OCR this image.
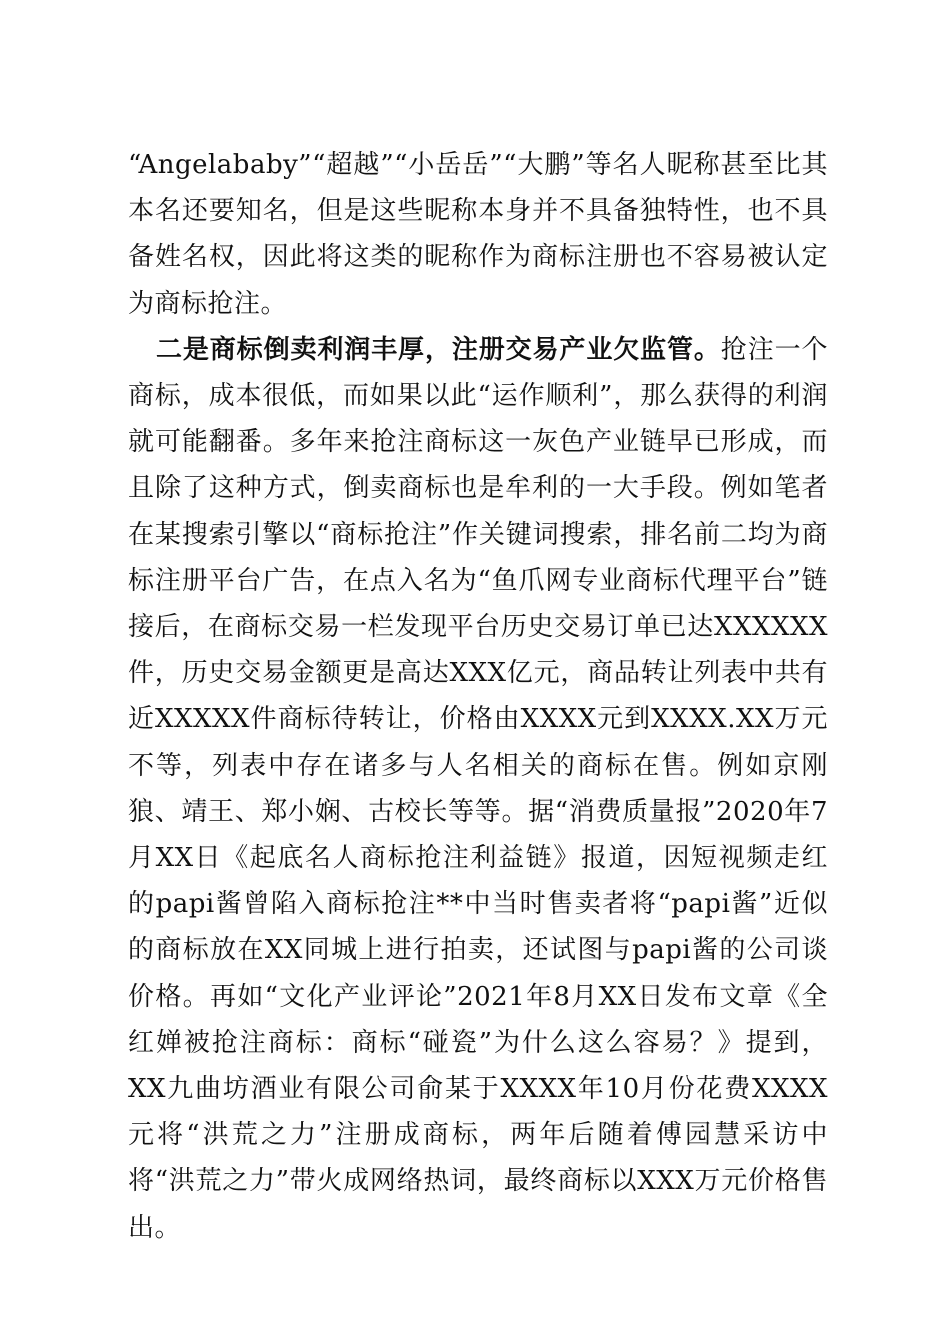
“Angelababy”“超越”“小岳岳”“大鹏”等名人昵称甚至比其本名还要知名，但是这些昵称本身并不具备独特性，也不具备姓名权，因此将这类的昵称作为商标注册也不容易被认定为商标抢注。

二是商标倒卖利润丰厚，注册交易产业欠监管。抢注一个商标，成本很低，而如果以此“运作顺利”，那么获得的利润就可能翻番。多年来抢注商标这一灰色产业链早已形成，而且除了这种方式，倒卖商标也是牟利的一大手段。例如笔者在某搜索引擎以“商标抢注”作关键词搜索，排名前二均为商标注册平台广告，在点入名为“鱼爪网专业商标代理平台”链接后，在商标交易一栏发现平台历史交易订单已达XXXXXX件，历史交易金额更是高达XXX亿元，商品转让列表中共有近XXXXX件商标待转让，价格由XXXX元到XXXX.XX万元不等，列表中存在诸多与人名相关的商标在售。例如京刚狼、靖王、郑小娴、古校长等等。据“消费质量报”2020年7月XX日《起底名人商标抢注利益链》报道，因短视频走红的papi酱曾陷入商标抢注**中当时售卖者将“papi酱”近似的商标放在XX同城上进行拍卖，还试图与papi酱的公司谈价格。再如“文化产业评论”2021年8月XX日发布文章《全红婵被抢注商标：商标“碰瓷”为什么这么容易？》提到，XX九曲坊酒业有限公司俞某于XXXX年10月份花费XXXX元将“洪荒之力”注册成商标，两年后随着傅园慧采访中将“洪荒之力”带火成网络热词，最终商标以XXX万元价格售出。
